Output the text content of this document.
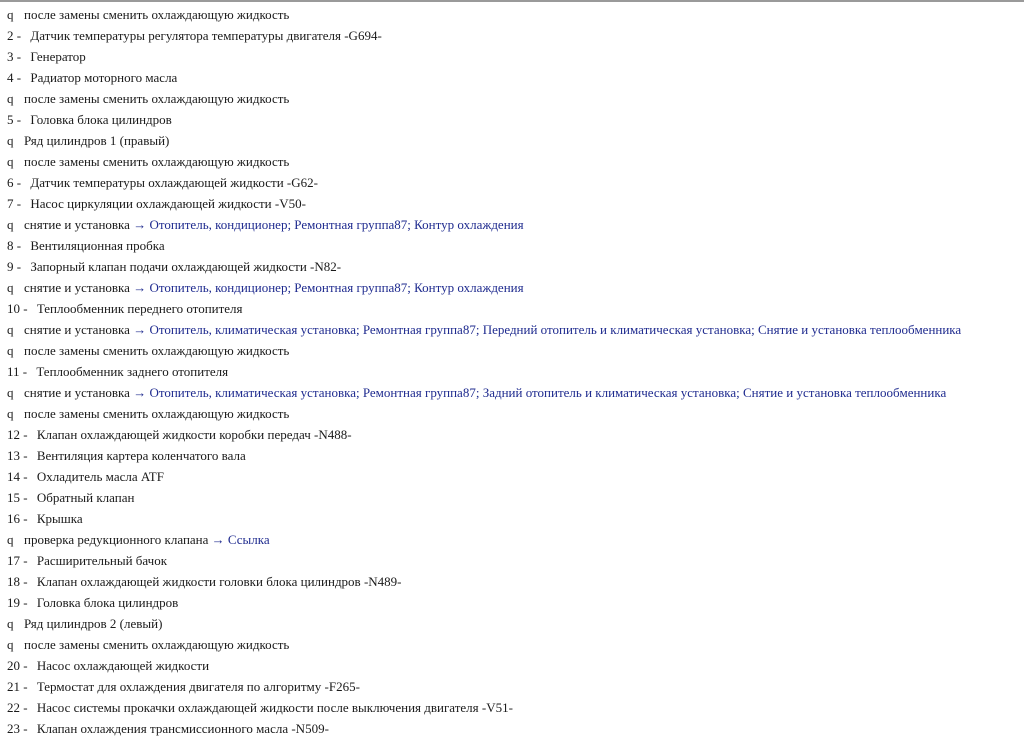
q после замены сменить охлаждающую жидкость
2 - Датчик температуры регулятора температуры двигателя -G694-
3 - Генератор
4 - Радиатор моторного масла
q после замены сменить охлаждающую жидкость
5 - Головка блока цилиндров
q Ряд цилиндров 1 (правый)
q после замены сменить охлаждающую жидкость
6 - Датчик температуры охлаждающей жидкости -G62-
7 - Насос циркуляции охлаждающей жидкости -V50-
q снятие и установка → Отопитель, кондиционер; Ремонтная группа87; Контур охлаждения
8 - Вентиляционная пробка
9 - Запорный клапан подачи охлаждающей жидкости -N82-
q снятие и установка → Отопитель, кондиционер; Ремонтная группа87; Контур охлаждения
10 - Теплообменник переднего отопителя
q снятие и установка → Отопитель, климатическая установка; Ремонтная группа87; Передний отопитель и климатическая установка; Снятие и установка теплообменника
q после замены сменить охлаждающую жидкость
11 - Теплообменник заднего отопителя
q снятие и установка → Отопитель, климатическая установка; Ремонтная группа87; Задний отопитель и климатическая установка; Снятие и установка теплообменника
q после замены сменить охлаждающую жидкость
12 - Клапан охлаждающей жидкости коробки передач -N488-
13 - Вентиляция картера коленчатого вала
14 - Охладитель масла ATF
15 - Обратный клапан
16 - Крышка
q проверка редукционного клапана → Ссылка
17 - Расширительный бачок
18 - Клапан охлаждающей жидкости головки блока цилиндров -N489-
19 - Головка блока цилиндров
q Ряд цилиндров 2 (левый)
q после замены сменить охлаждающую жидкость
20 - Насос охлаждающей жидкости
21 - Термостат для охлаждения двигателя по алгоритму -F265-
22 - Насос системы прокачки охлаждающей жидкости после выключения двигателя -V51-
23 - Клапан охлаждения трансмиссионного масла -N509-
